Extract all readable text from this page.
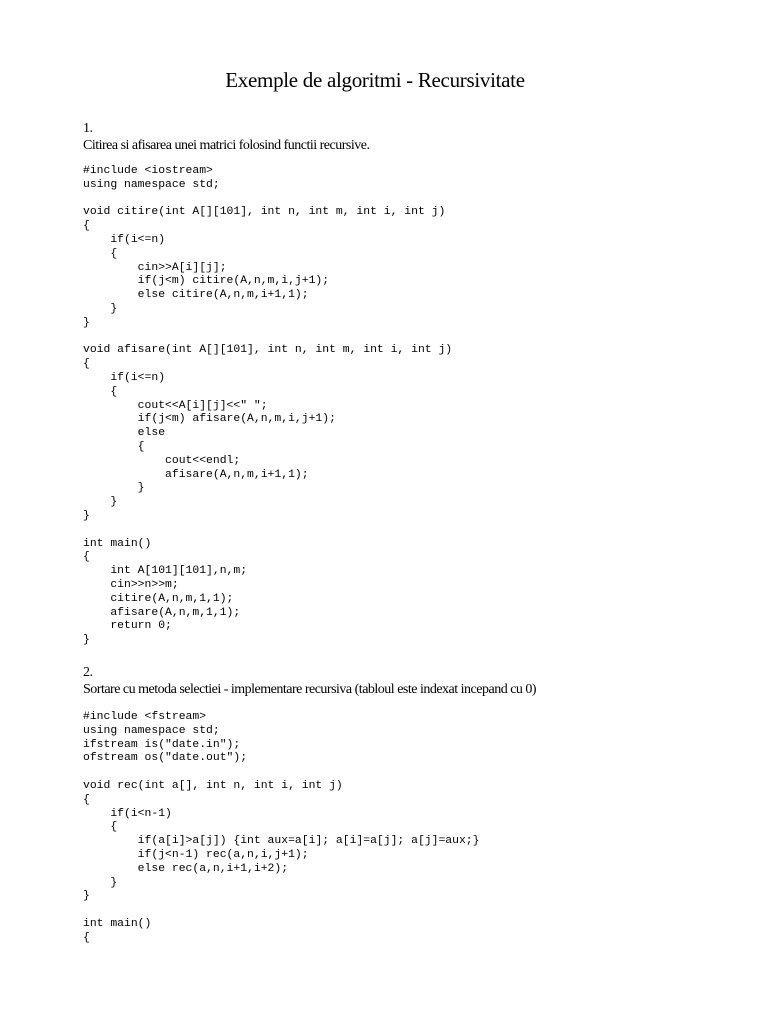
Exemple de algoritmi - Recursivitate
1.
Citirea si afisarea unei matrici folosind functii recursive.
#include <iostream>
using namespace std;
void citire(int A[][101], int n, int m, int i, int j)
{
if(i<=n)
{
cin>>A[i][j];
if(j<m) citire(A,n,m,i,j+1);
else citire(A,n,m,i+1,1);
}
}
void afisare(int A[][101], int n, int m, int i, int j)
{
if(i<=n)
{
cout<<A[i][j]<<" ";
if(j<m) afisare(A,n,m,i,j+1);
else
{
cout<<endl;
afisare(A,n,m,i+1,1);
}
}
}
int main()
{
int A[101][101],n,m;
cin>>n>>m;
citire(A,n,m,1,1);
afisare(A,n,m,1,1);
return 0;
}
2.
Sortare cu metoda selectiei - implementare recursiva (tabloul este indexat incepand cu 0)
#include <fstream>
using namespace std;
ifstream is("date.in");
ofstream os("date.out");
void rec(int a[], int n, int i, int j)
{
if(i<n-1)
{
if(a[i]>a[j]) {int aux=a[i]; a[i]=a[j]; a[j]=aux;}
if(j<n-1) rec(a,n,i,j+1);
else rec(a,n,i+1,i+2);
}
}
int main()
{
